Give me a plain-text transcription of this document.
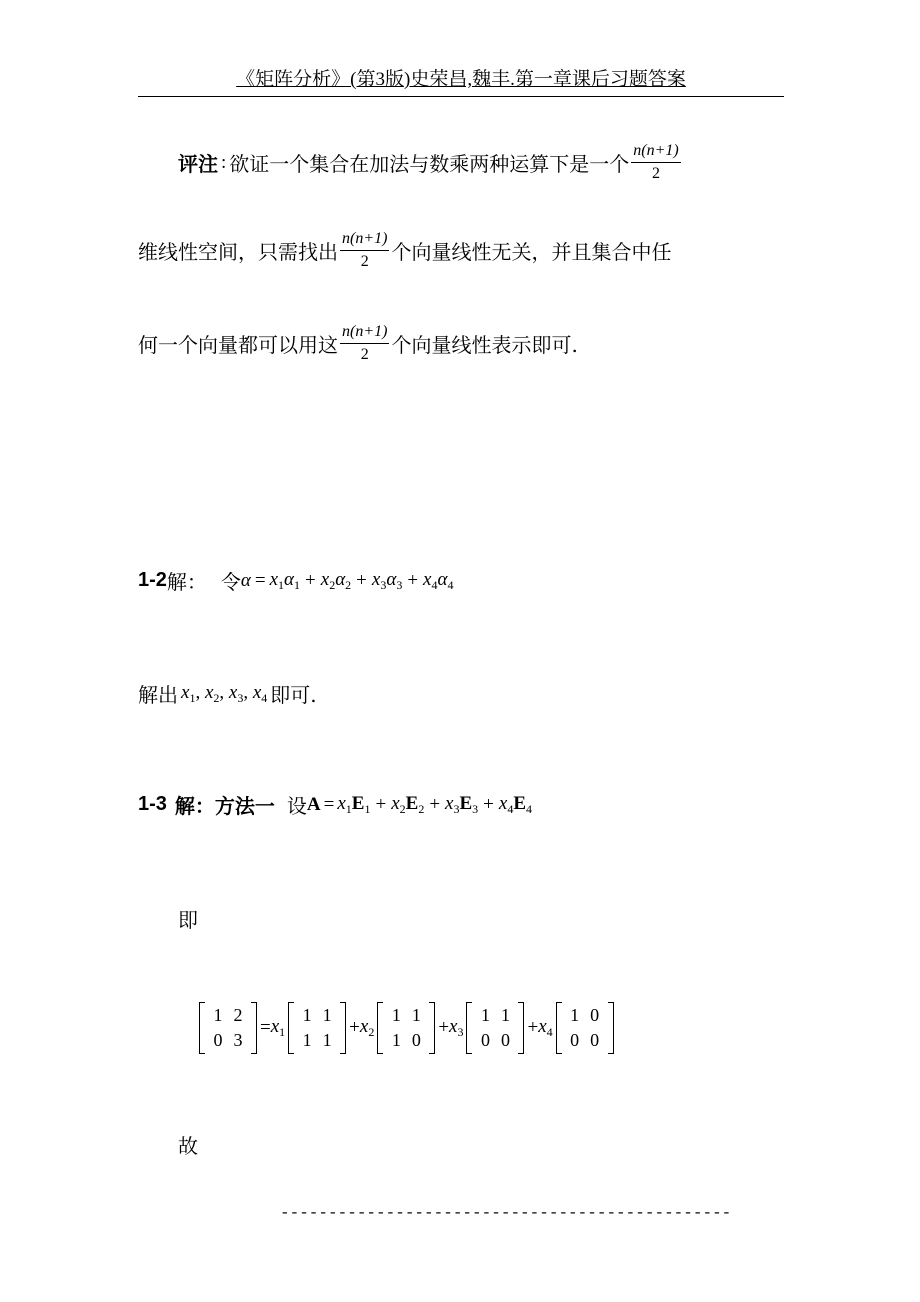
《矩阵分析》(第3版)史荣昌,魏丰.第一章课后习题答案
评注 : 欲证一个集合在加法与数乘两种运算下是一个 $\frac{n(n+1)}{2}$
维线性空间，只需找出 $\frac{n(n+1)}{2}$ 个向量线性无关，并且集合中任
何一个向量都可以用这 $\frac{n(n+1)}{2}$ 个向量线性表示即可.
1-2 解： 令 $\alpha = x_1\alpha_1 + x_2\alpha_2 + x_3\alpha_3 + x_4\alpha_4$
解出 $x_1$, $x_2$, $x_3$, $x_4$ 即可.
1-3 解： 方法一 设 $A = x_1E_1 + x_2E_2 + x_3E_3 + x_4E_4$
即
1 2
0 3
= $x_1$
1 1
1 1
+ $x_2$
1 1
1 0
+ $x_3$
1 1
0 0
+ $x_4$
1 0
0 0
故
-----------------------------------------------
